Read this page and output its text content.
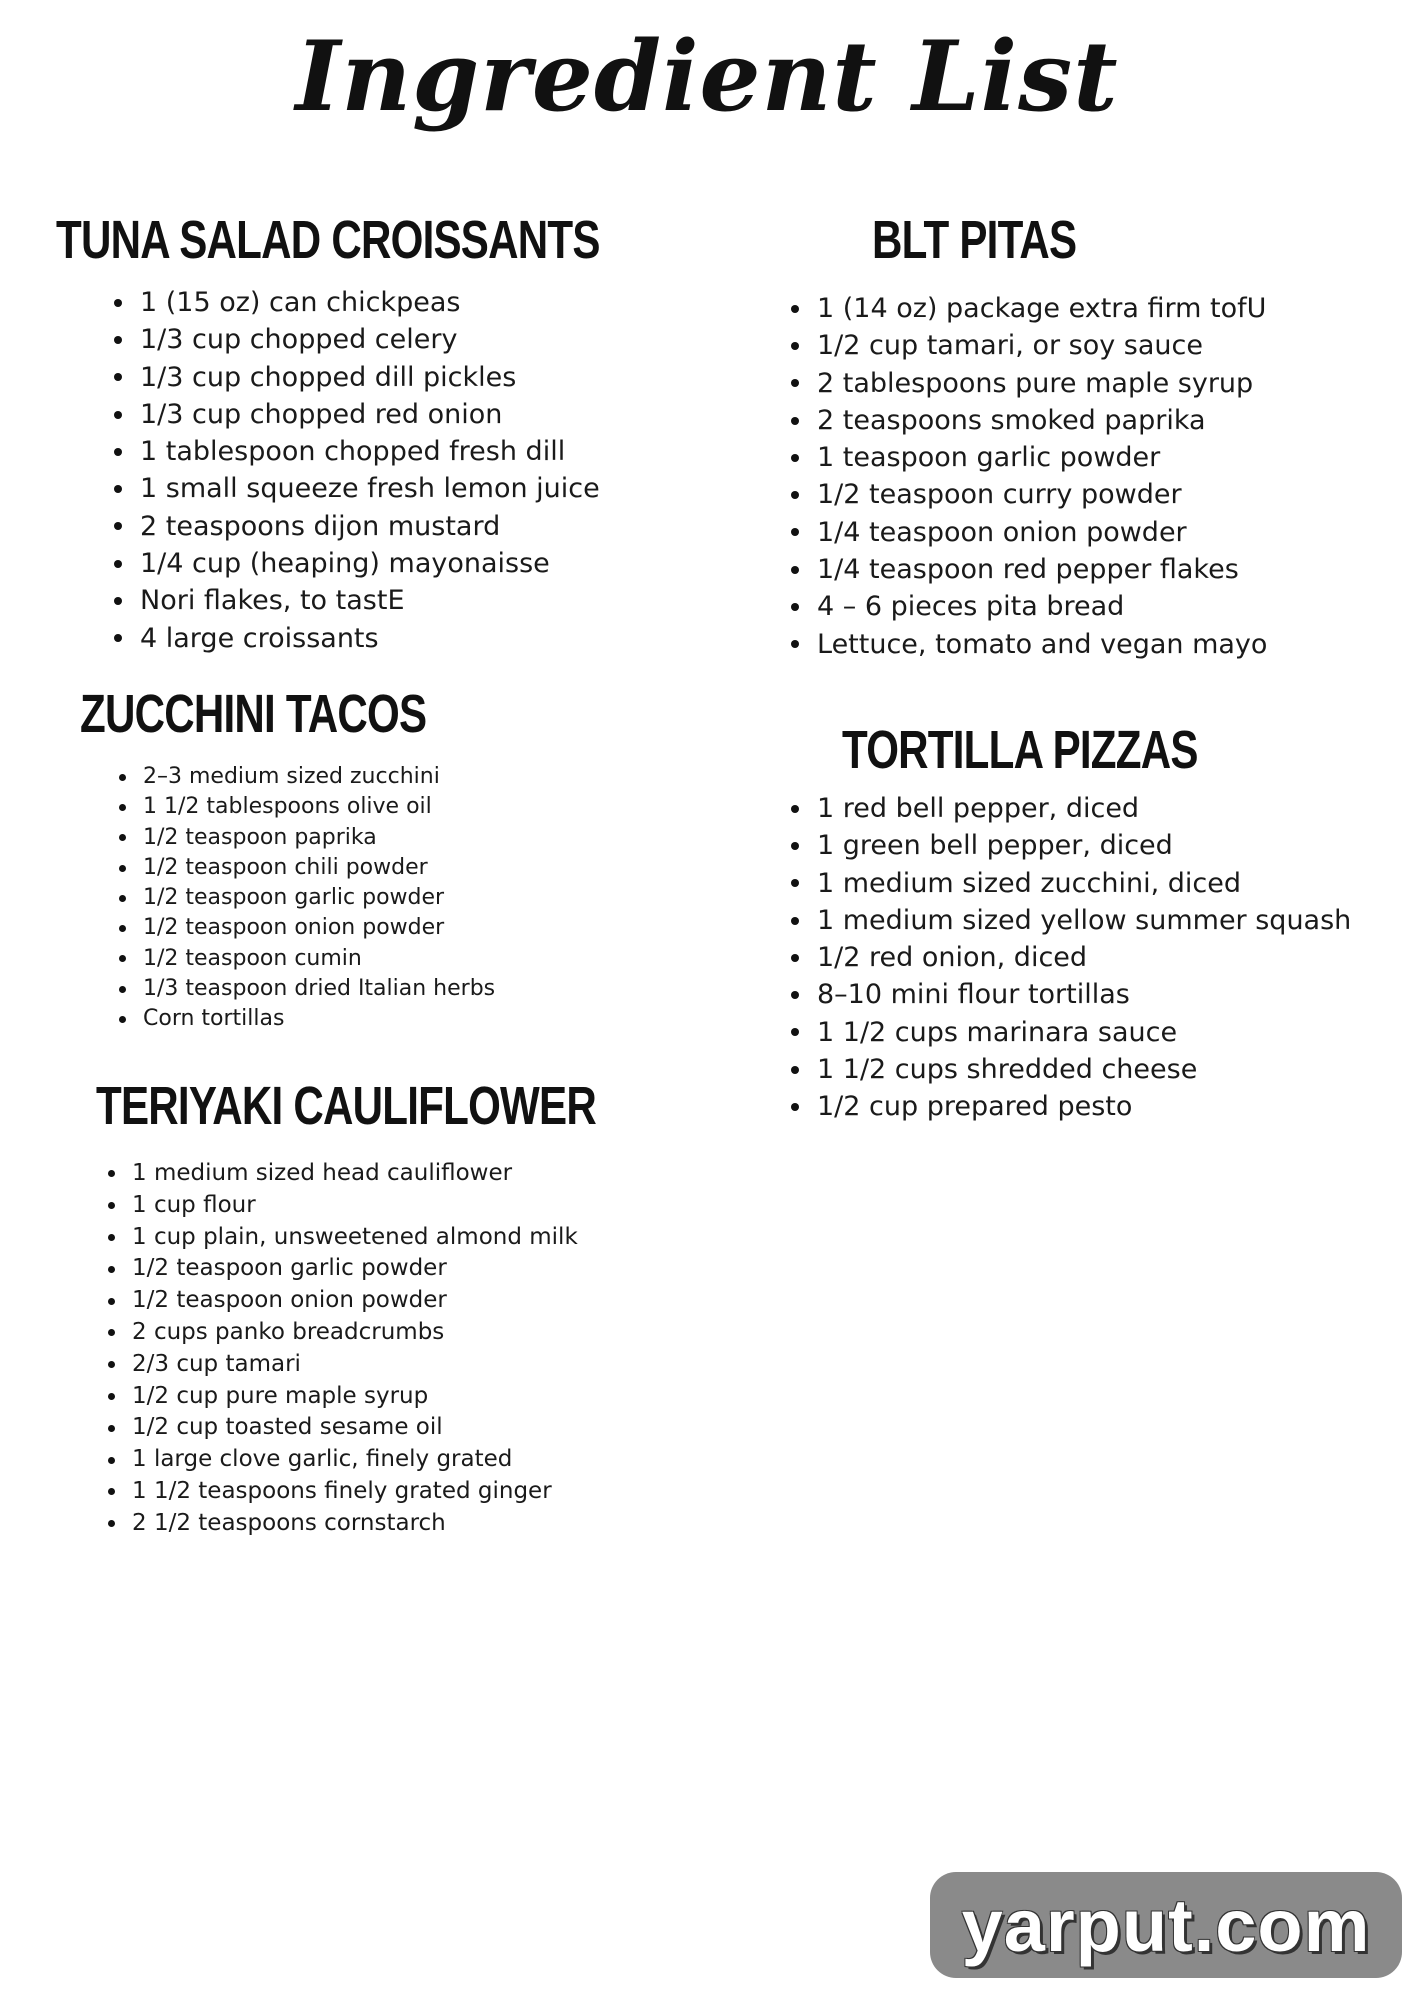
Ingredient List
TUNA SALAD CROISSANTS
1 (15 oz) can chickpeas
1/3 cup chopped celery
1/3 cup chopped dill pickles
1/3 cup chopped red onion
1 tablespoon chopped fresh dill
1 small squeeze fresh lemon juice
2 teaspoons dijon mustard
1/4 cup (heaping) mayonaisse
Nori flakes, to tastE
4 large croissants
ZUCCHINI TACOS
2–3 medium sized zucchini
1 1/2 tablespoons olive oil
1/2 teaspoon paprika
1/2 teaspoon chili powder
1/2 teaspoon garlic powder
1/2 teaspoon onion powder
1/2 teaspoon cumin
1/3 teaspoon dried Italian herbs
Corn tortillas
TERIYAKI CAULIFLOWER
1 medium sized head cauliflower
1 cup flour
1 cup plain, unsweetened almond milk
1/2 teaspoon garlic powder
1/2 teaspoon onion powder
2 cups panko breadcrumbs
2/3 cup tamari
1/2 cup pure maple syrup
1/2 cup toasted sesame oil
1 large clove garlic, finely grated
1 1/2 teaspoons finely grated ginger
2 1/2 teaspoons cornstarch
BLT PITAS
1 (14 oz) package extra firm tofU
1/2 cup tamari, or soy sauce
2 tablespoons pure maple syrup
2 teaspoons smoked paprika
1 teaspoon garlic powder
1/2 teaspoon curry powder
1/4 teaspoon onion powder
1/4 teaspoon red pepper flakes
4 – 6 pieces pita bread
Lettuce, tomato and vegan mayo
TORTILLA PIZZAS
1 red bell pepper, diced
1 green bell pepper, diced
1 medium sized zucchini, diced
1 medium sized yellow summer squash
1/2 red onion, diced
8–10 mini flour tortillas
1 1/2 cups marinara sauce
1 1/2 cups shredded cheese
1/2 cup prepared pesto
yarput.com
